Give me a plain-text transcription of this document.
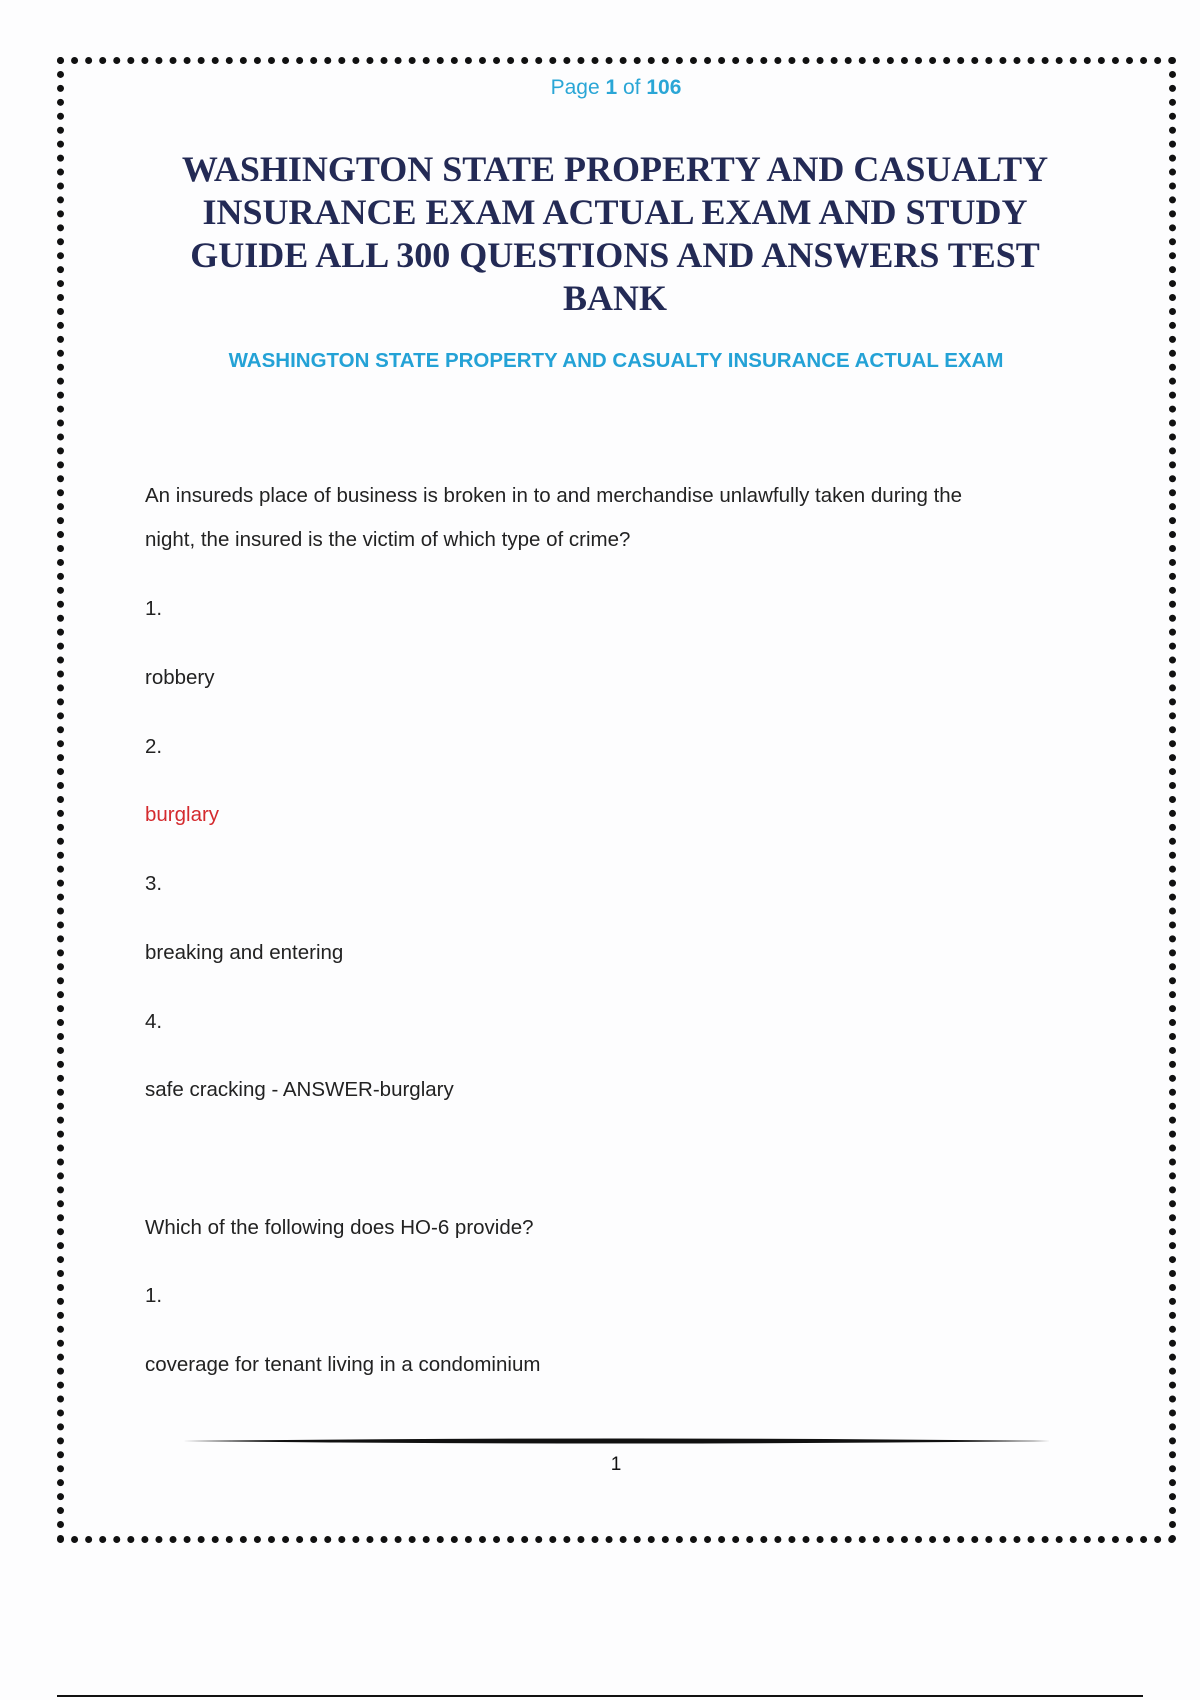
Page 1 of 106
WASHINGTON STATE PROPERTY AND CASUALTY INSURANCE EXAM ACTUAL EXAM AND STUDY GUIDE ALL 300 QUESTIONS AND ANSWERS TEST BANK
WASHINGTON STATE PROPERTY AND CASUALTY INSURANCE ACTUAL EXAM

An insureds place of business is broken in to and merchandise unlawfully taken during the

night, the insured is the victim of which type of crime?

1.

robbery

2.

burglary

3.

breaking and entering

4.

safe cracking - ANSWER-burglary

Which of the following does HO-6 provide?

1.

coverage for tenant living in a condominium

1
